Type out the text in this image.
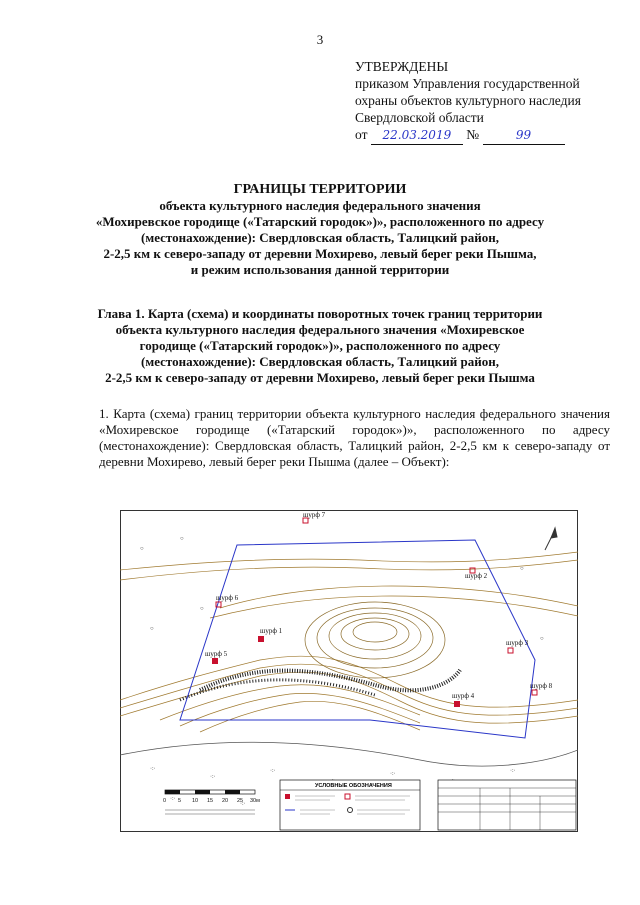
3
УТВЕРЖДЕНЫ
приказом Управления государственной
охраны объектов культурного наследия
Свердловской области
от 22.03.2019 №	99
ГРАНИЦЫ ТЕРРИТОРИИ
объекта культурного наследия федерального значения
«Мохиревское городище («Татарский городок»)», расположенного по адресу
(местонахождение): Свердловская область, Талицкий район,
2-2,5 км к северо-западу от деревни Мохирево, левый берег реки Пышма,
и режим использования данной территории
Глава 1. Карта (схема) и координаты поворотных точек границ территории
объекта культурного наследия федерального значения «Мохиревское
городище («Татарский городок»)», расположенного по адресу
(местонахождение): Свердловская область, Талицкий район,
2-2,5 км к северо-западу от деревни Мохирево, левый берег реки Пышма
1. Карта (схема) границ территории объекта культурного наследия федерального значения «Мохиревское городище («Татарский городок»)», расположенного по адресу (местонахождение): Свердловская область, Талицкий район, 2-2,5 км к северо-западу от деревни Мохирево, левый берег реки Пышма (далее – Объект):
·:·
·:·
·:·	·:·	·:·
·:·
·:·
○
○
○
○
○
○
шурф 7
шурф 2
шурф 6
шурф 1
шурф 5
шурф 3
шурф 4
шурф 8
0 5 10 15 20 25 30м
УСЛОВНЫЕ ОБОЗНАЧЕНИЯ
